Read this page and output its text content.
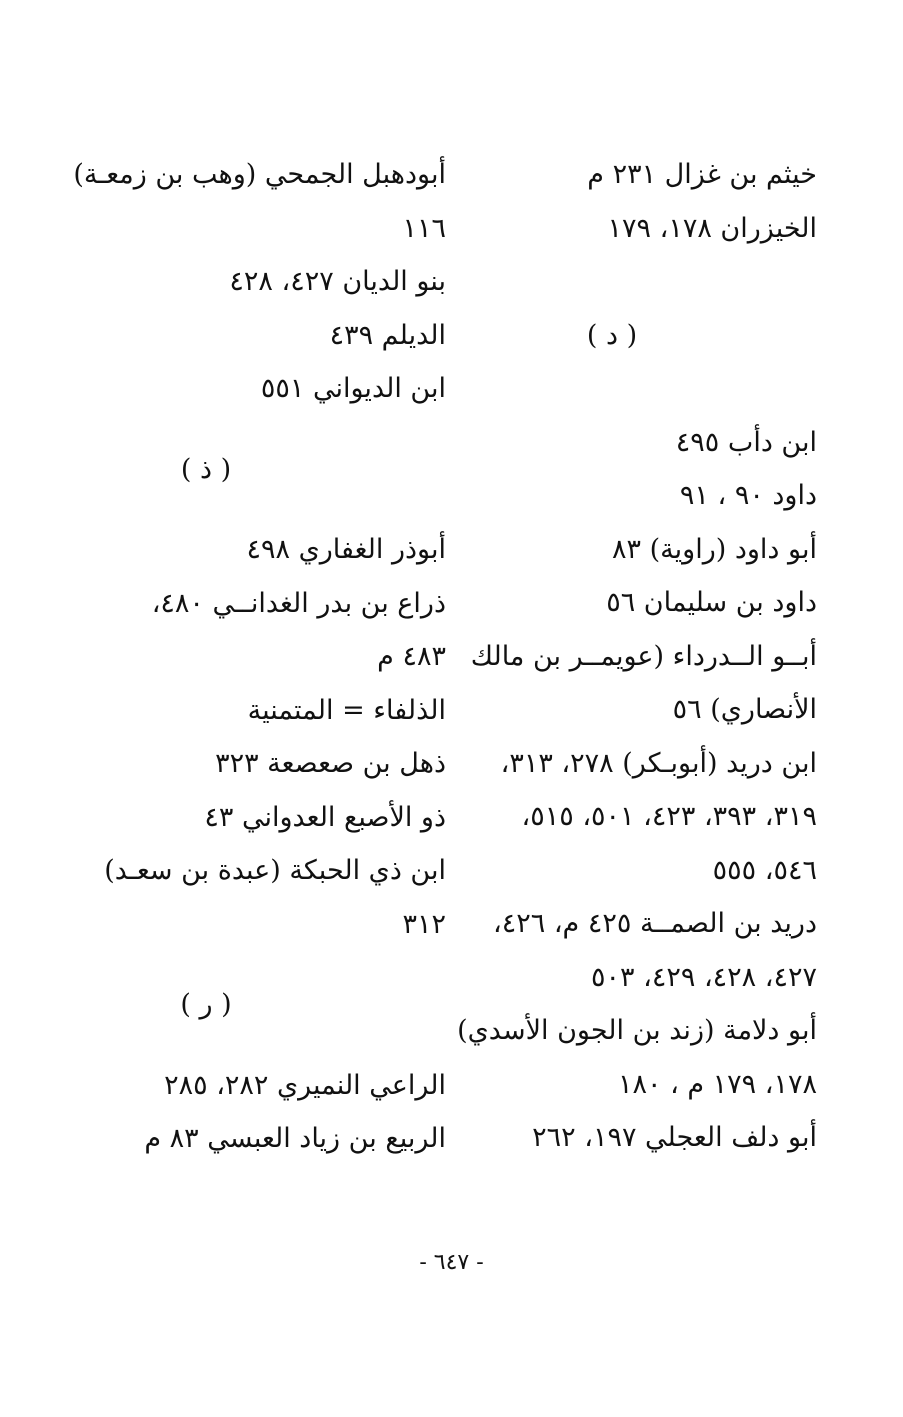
خيثم بن غزال ٢٣١ م
الخيزران ١٧٨، ١٧٩
( د )
ابن دأب ٤٩٥
داود ٩٠ ، ٩١
أبو داود (راوية) ٨٣
داود بن سليمان ٥٦
أبــو الــدرداء (عويمــر بن مالك
الأنصاري) ٥٦
ابن دريد (أبوبـكر) ٢٧٨، ٣١٣،
٣١٩، ٣٩٣، ٤٢٣، ٥٠١، ٥١٥،
٥٤٦، ٥٥٥
دريد بن الصمــة ٤٢٥ م، ٤٢٦،
٤٢٧، ٤٢٨، ٤٢٩، ٥٠٣
أبو دلامة (زند بن الجون الأسدي)
١٧٨، ١٧٩ م ، ١٨٠
أبو دلف العجلي ١٩٧، ٢٦٢
أبودهبل الجمحي (وهب بن زمعـة)
١١٦
بنو الديان ٤٢٧، ٤٢٨
الديلم ٤٣٩
ابن الديواني ٥٥١
( ذ )
أبوذر الغفاري ٤٩٨
ذراع بن بدر الغدانــي ٤٨٠،
٤٨٣ م
الذلفاء = المتمنية
ذهل بن صعصعة ٣٢٣
ذو الأصبع العدواني ٤٣
ابن ذي الحبكة (عبدة بن سعـد)
٣١٢
( ر )
الراعي النميري ٢٨٢، ٢٨٥
الربيع بن زياد العبسي ٨٣ م
- ٦٤٧ -
